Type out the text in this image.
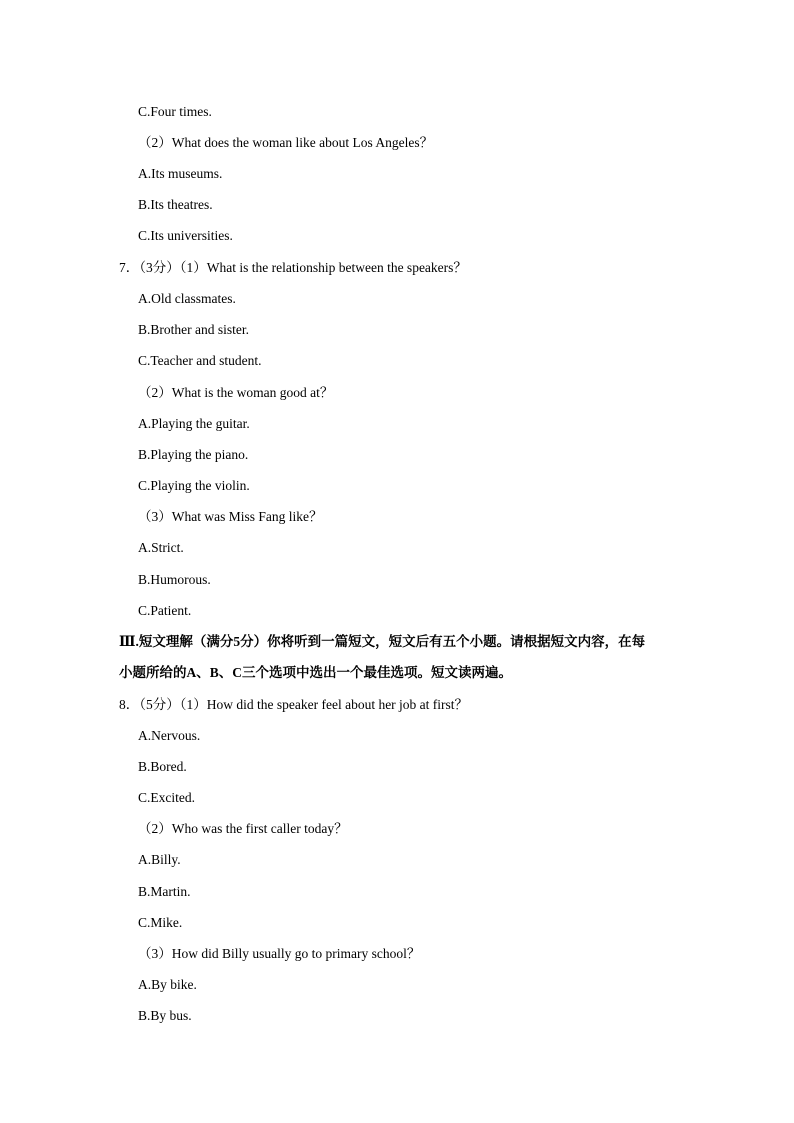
C.Four times.
（2）What does the woman like about Los Angeles？
A.Its museums.
B.Its theatres.
C.Its universities.
7．（3分）（1）What is the relationship between the speakers？
A.Old classmates.
B.Brother and sister.
C.Teacher and student.
（2）What is the woman good at？
A.Playing the guitar.
B.Playing the piano.
C.Playing the violin.
（3）What was Miss Fang like？
A.Strict.
B.Humorous.
C.Patient.
Ⅲ.短文理解（满分5分）你将听到一篇短文，短文后有五个小题。请根据短文内容，在每
小题所给的A、B、C三个选项中选出一个最佳选项。短文读两遍。
8．（5分）（1）How did the speaker feel about her job at first？
A.Nervous.
B.Bored.
C.Excited.
（2）Who was the first caller today？
A.Billy.
B.Martin.
C.Mike.
（3）How did Billy usually go to primary school？
A.By bike.
B.By bus.
